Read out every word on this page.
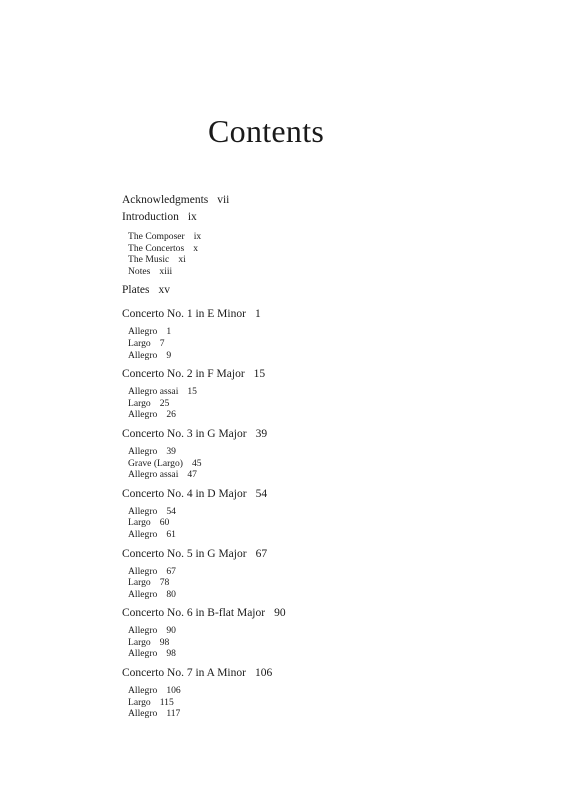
Contents
Acknowledgments vii
Introduction ix
The Composer ix
The Concertos x
The Music xi
Notes xiii
Plates xv
Concerto No. 1 in E Minor 1
Allegro 1
Largo 7
Allegro 9
Concerto No. 2 in F Major 15
Allegro assai 15
Largo 25
Allegro 26
Concerto No. 3 in G Major 39
Allegro 39
Grave (Largo) 45
Allegro assai 47
Concerto No. 4 in D Major 54
Allegro 54
Largo 60
Allegro 61
Concerto No. 5 in G Major 67
Allegro 67
Largo 78
Allegro 80
Concerto No. 6 in B-flat Major 90
Allegro 90
Largo 98
Allegro 98
Concerto No. 7 in A Minor 106
Allegro 106
Largo 115
Allegro 117
